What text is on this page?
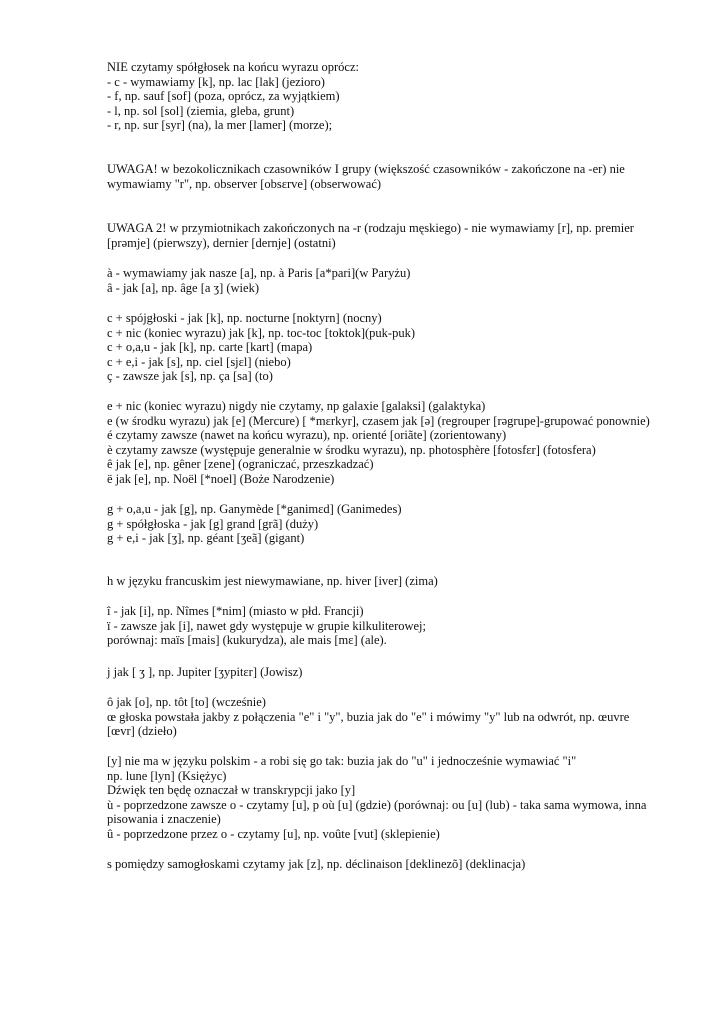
NIE czytamy spółgłosek na końcu wyrazu oprócz:
- c - wymawiamy [k], np. lac [lak] (jezioro)
- f, np. sauf [sof] (poza, oprócz, za wyjątkiem)
- l, np. sol [sol] (ziemia, gleba, grunt)
- r, np. sur [syr] (na), la mer [lamer] (morze);
UWAGA! w bezokolicznikach czasowników I grupy (większość czasowników - zakończone na -er) nie
wymawiamy "r", np. observer [obsɛrve] (obserwować)
UWAGA 2! w przymiotnikach zakończonych na -r (rodzaju męskiego) - nie wymawiamy [r], np. premier
[prəmje] (pierwszy), dernier [dernje] (ostatni)
à - wymawiamy jak nasze [a], np. à Paris [a*pari](w Paryżu)
â - jak [a], np. âge [a ʒ] (wiek)
c + spójgłoski - jak [k], np. nocturne [noktyrn] (nocny)
c + nic (koniec wyrazu) jak [k], np. toc-toc [toktok](puk-puk)
c + o,a,u - jak [k], np. carte [kart] (mapa)
c + e,i - jak [s], np. ciel [sjɛl] (niebo)
ç - zawsze jak [s], np. ça [sa] (to)
e + nic (koniec wyrazu) nigdy nie czytamy, np galaxie [galaksi] (galaktyka)
e (w środku wyrazu) jak [e] (Mercure) [ *mɛrkyr], czasem jak [ə] (regrouper [rəgrupe]-grupować ponownie)
é czytamy zawsze (nawet na końcu wyrazu), np. orienté [oriãte] (zorientowany)
è czytamy zawsze (występuje generalnie w środku wyrazu), np. photosphère [fotosfɛr] (fotosfera)
ê jak [e], np. gêner [zene] (ograniczać, przeszkadzać)
ë jak [e], np. Noël [*noel] (Boże Narodzenie)
g + o,a,u - jak [g], np. Ganymède [*ganimɛd] (Ganimedes)
g + spółgłoska - jak [g] grand [grã] (duży)
g + e,i - jak [ʒ], np. géant [ʒeã] (gigant)
h w języku francuskim jest niewymawiane, np. hiver [iver] (zima)
î - jak [i], np. Nîmes [*nim] (miasto w płd. Francji)
ï - zawsze jak [i], nawet gdy występuje w grupie kilkuliterowej;
porównaj: maïs [mais] (kukurydza), ale mais [mɛ] (ale).
j jak [ ʒ ], np. Jupiter [ʒypitɛr] (Jowisz)
ô jak [o], np. tôt [to] (wcześnie)
œ głoska powstała jakby z połączenia "e" i "y", buzia jak do "e" i mówimy "y" lub na odwrót, np. œuvre
[œvr] (dzieło)
[y] nie ma w języku polskim - a robi się go tak: buzia jak do "u" i jednocześnie wymawiać "i"
np. lune [lyn] (Księżyc)
Dźwięk ten będę oznaczał w transkrypcji jako [y]
ù - poprzedzone zawsze o - czytamy [u], p où [u] (gdzie) (porównaj: ou [u] (lub) - taka sama wymowa, inna
pisowania i znaczenie)
û - poprzedzone przez o - czytamy [u], np. voûte [vut] (sklepienie)
s pomiędzy samogłoskami czytamy jak [z], np. déclinaison [deklinezõ] (deklinacja)
